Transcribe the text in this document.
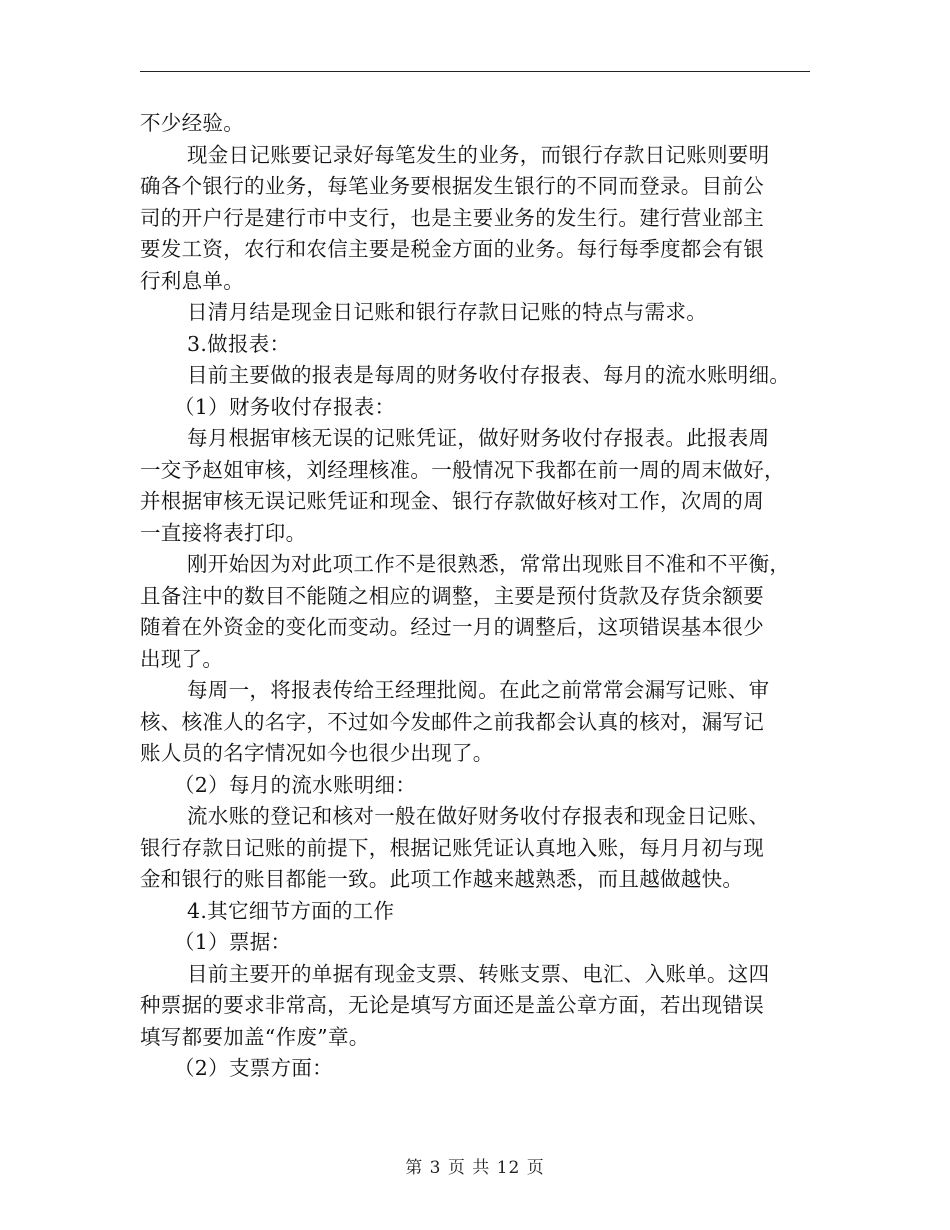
不少经验。
现金日记账要记录好每笔发生的业务，而银行存款日记账则要明
确各个银行的业务，每笔业务要根据发生银行的不同而登录。目前公
司的开户行是建行市中支行，也是主要业务的发生行。建行营业部主
要发工资，农行和农信主要是税金方面的业务。每行每季度都会有银
行利息单。
日清月结是现金日记账和银行存款日记账的特点与需求。
3.做报表：
目前主要做的报表是每周的财务收付存报表、每月的流水账明细。
（1）财务收付存报表：
每月根据审核无误的记账凭证，做好财务收付存报表。此报表周
一交予赵姐审核，刘经理核准。一般情况下我都在前一周的周末做好，
并根据审核无误记账凭证和现金、银行存款做好核对工作，次周的周
一直接将表打印。
刚开始因为对此项工作不是很熟悉，常常出现账目不准和不平衡，
且备注中的数目不能随之相应的调整，主要是预付货款及存货余额要
随着在外资金的变化而变动。经过一月的调整后，这项错误基本很少
出现了。
每周一，将报表传给王经理批阅。在此之前常常会漏写记账、审
核、核准人的名字，不过如今发邮件之前我都会认真的核对，漏写记
账人员的名字情况如今也很少出现了。
（2）每月的流水账明细：
流水账的登记和核对一般在做好财务收付存报表和现金日记账、
银行存款日记账的前提下，根据记账凭证认真地入账，每月月初与现
金和银行的账目都能一致。此项工作越来越熟悉，而且越做越快。
4.其它细节方面的工作
（1）票据：
目前主要开的单据有现金支票、转账支票、电汇、入账单。这四
种票据的要求非常高，无论是填写方面还是盖公章方面，若出现错误
填写都要加盖“作废”章。
（2）支票方面：
第 3 页 共 12 页
